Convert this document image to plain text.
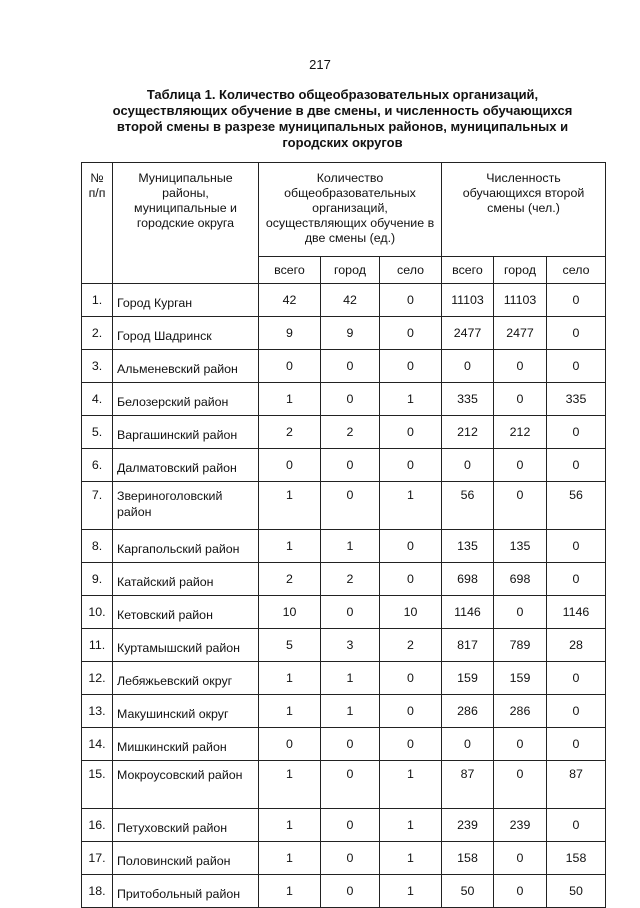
217
Таблица 1. Количество общеобразовательных организаций,
осуществляющих обучение в две смены, и численность обучающихся
второй смены в разрезе муниципальных районов, муниципальных и
городских округов
№ п/п	Муниципальные районы, муниципальные и городские округа	Количество общеобразовательных организаций, осуществляющих обучение в две смены (ед.)			Численность обучающихся второй смены (чел.)		
		всего	город	село	всего	город	село
1.	Город Курган	42	42	0	11103	11103	0
2.	Город Шадринск	9	9	0	2477	2477	0
3.	Альменевский район	0	0	0	0	0	0
4.	Белозерский район	1	0	1	335	0	335
5.	Варгашинский район	2	2	0	212	212	0
6.	Далматовский район	0	0	0	0	0	0
7.	Звериноголовский район	1	0	1	56	0	56
8.	Каргапольский район	1	1	0	135	135	0
9.	Катайский район	2	2	0	698	698	0
10.	Кетовский район	10	0	10	1146	0	1146
11.	Куртамышский район	5	3	2	817	789	28
12.	Лебяжьевский округ	1	1	0	159	159	0
13.	Макушинский округ	1	1	0	286	286	0
14.	Мишкинский район	0	0	0	0	0	0
15.	Мокроусовский район	1	0	1	87	0	87
16.	Петуховский район	1	0	1	239	239	0
17.	Половинский район	1	0	1	158	0	158
18.	Притобольный район	1	0	1	50	0	50
